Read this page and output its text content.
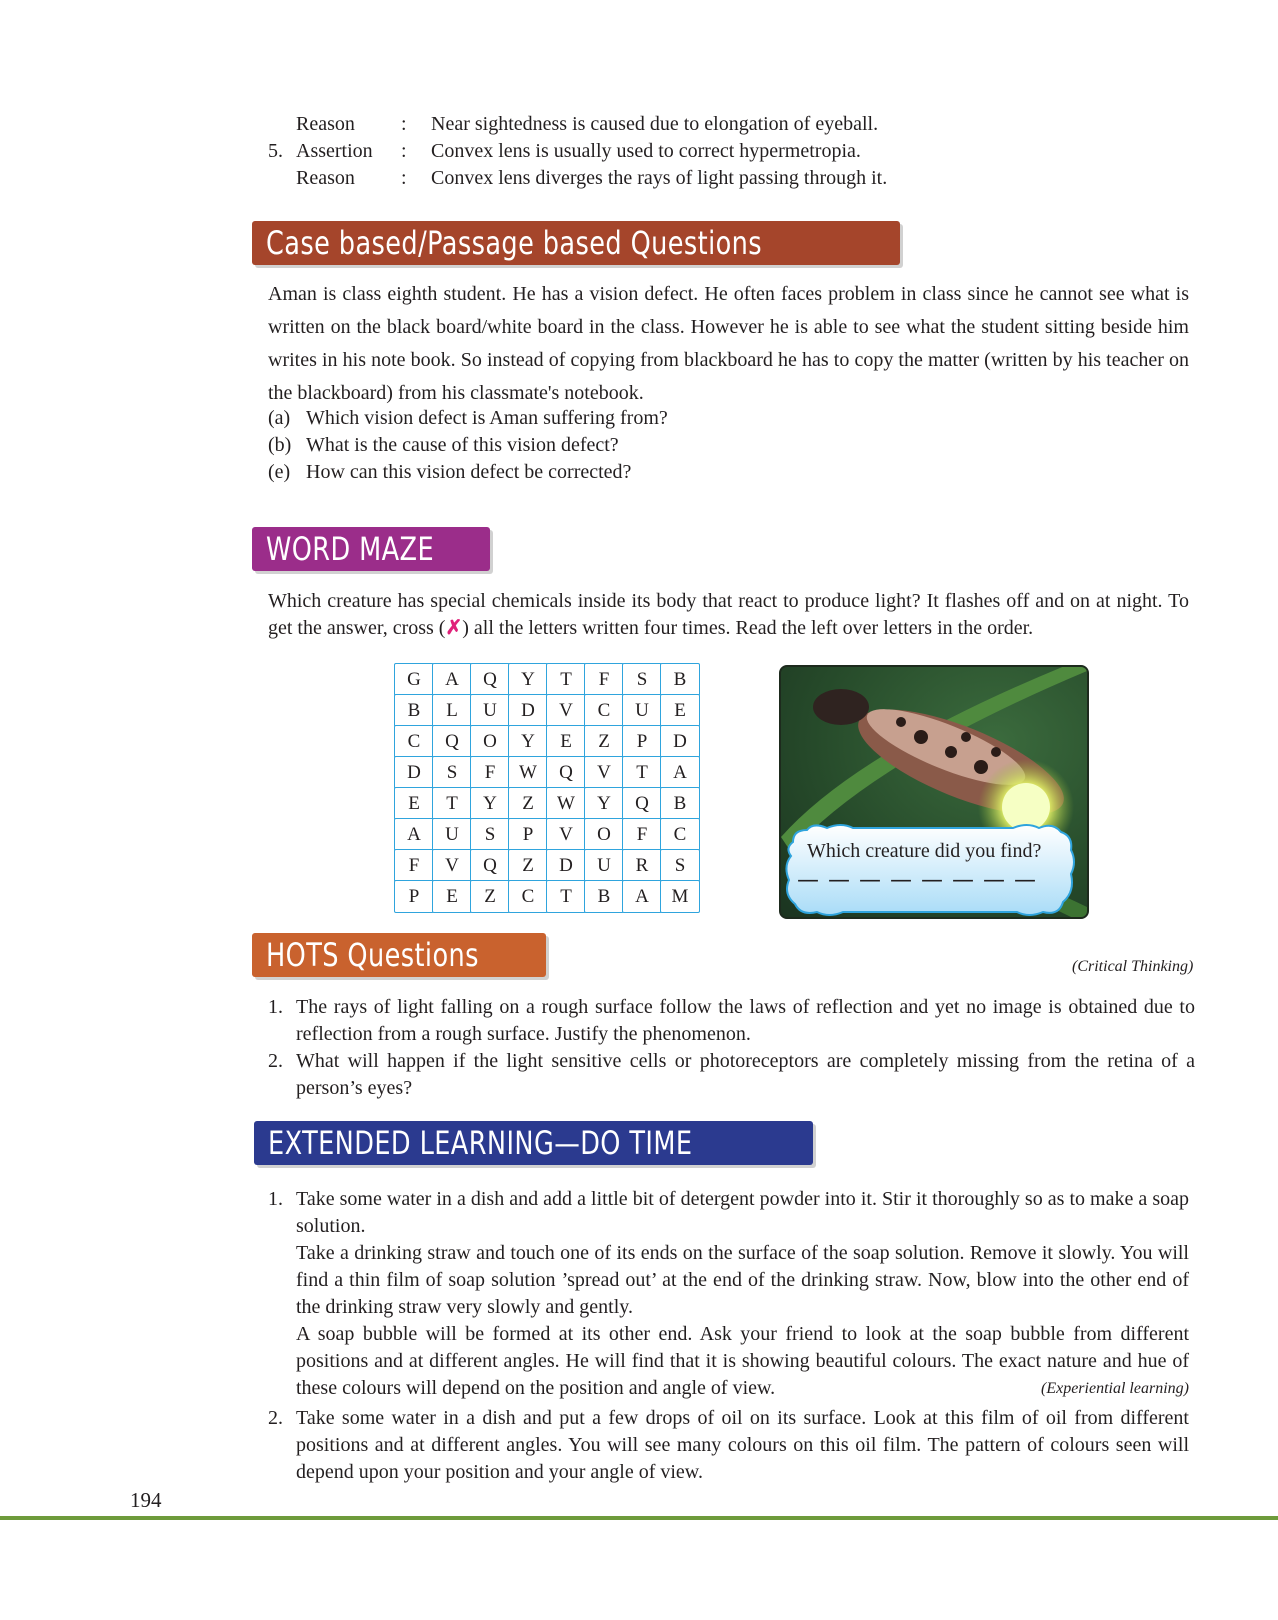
Reason : Near sightedness is caused due to elongation of eyeball.
5. Assertion : Convex lens is usually used to correct hypermetropia.
Reason : Convex lens diverges the rays of light passing through it.
Case based/Passage based Questions
Aman is class eighth student. He has a vision defect. He often faces problem in class since he cannot see what is written on the black board/white board in the class. However he is able to see what the student sitting beside him writes in his note book. So instead of copying from blackboard he has to copy the matter (written by his teacher on the blackboard) from his classmate's notebook.
(a) Which vision defect is Aman suffering from?
(b) What is the cause of this vision defect?
(e) How can this vision defect be corrected?
WORD MAZE
Which creature has special chemicals inside its body that react to produce light? It flashes off and on at night. To get the answer, cross (✗) all the letters written four times. Read the left over letters in the order.
G	A	Q	Y	T	F	S	B
B	L	U	D	V	C	U	E
C	Q	O	Y	E	Z	P	D
D	S	F	W	Q	V	T	A
E	T	Y	Z	W	Y	Q	B
A	U	S	P	V	O	F	C
F	V	Q	Z	D	U	R	S
P	E	Z	C	T	B	A	M
Which creature did you find?
— — — — — — — —
HOTS Questions	(Critical Thinking)
1. The rays of light falling on a rough surface follow the laws of reflection and yet no image is obtained due to reflection from a rough surface. Justify the phenomenon.
2. What will happen if the light sensitive cells or photoreceptors are completely missing from the retina of a person’s eyes?
EXTENDED LEARNING—DO TIME
1. Take some water in a dish and add a little bit of detergent powder into it. Stir it thoroughly so as to make a soap solution.
Take a drinking straw and touch one of its ends on the surface of the soap solution. Remove it slowly. You will find a thin film of soap solution ’spread out’ at the end of the drinking straw. Now, blow into the other end of the drinking straw very slowly and gently.
A soap bubble will be formed at its other end. Ask your friend to look at the soap bubble from different positions and at different angles. He will find that it is showing beautiful colours. The exact nature and hue of these colours will depend on the position and angle of view.	(Experiential learning)
2. Take some water in a dish and put a few drops of oil on its surface. Look at this film of oil from different positions and at different angles. You will see many colours on this oil film. The pattern of colours seen will depend upon your position and your angle of view.
194
